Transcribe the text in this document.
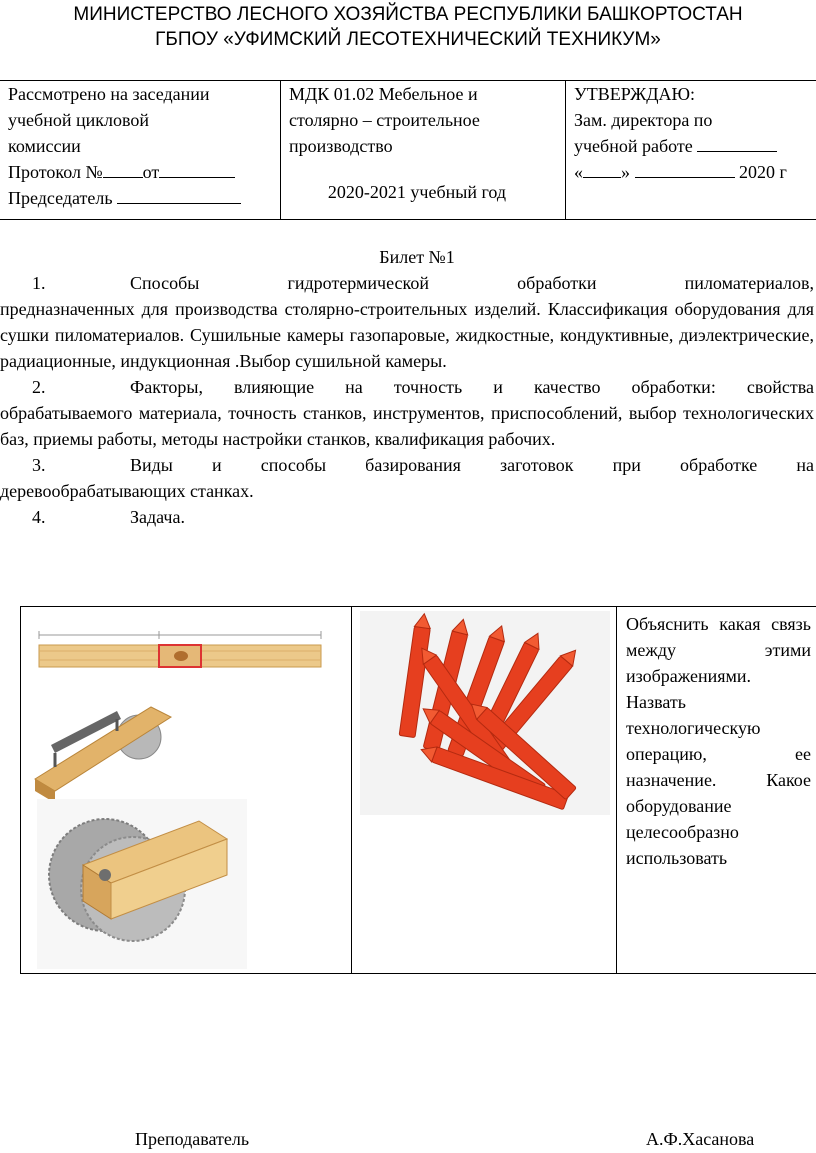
МИНИСТЕРСТВО ЛЕСНОГО ХОЗЯЙСТВА РЕСПУБЛИКИ БАШКОРТОСТАН
ГБПОУ «УФИМСКИЙ ЛЕСОТЕХНИЧЕСКИЙ ТЕХНИКУМ»
Рассмотрено на заседании
учебной цикловой
комиссии
Протокол № от
Председатель

МДК 01.02 Мебельное и
столярно – строительное
производство
2020-2021 учебный год

УТВЕРЖДАЮ:
Зам. директора по
учебной работе
« »	2020 г
Билет №1
1.	Способы гидротермической обработки пиломатериалов,
предназначенных для производства столярно-строительных изделий. Классификация оборудования для сушки пиломатериалов. Сушильные камеры газопаровые, жидкостные, кондуктивные, диэлектрические, радиационные, индукционная .Выбор сушильной камеры.
2.	Факторы, влияющие на точность и качество обработки: свойства
обрабатываемого материала, точность станков, инструментов, приспособлений, выбор технологических баз, приемы работы, методы настройки станков, квалификация рабочих.
3.	Виды и способы базирования заготовок при обработке на
деревообрабатывающих станках.
4.	Задача.

Объяснить какая связь между этими изображениями. Назвать технологическую операцию, ее назначение. Какое оборудование целесообразно использовать
Преподаватель	А.Ф.Хасанова
